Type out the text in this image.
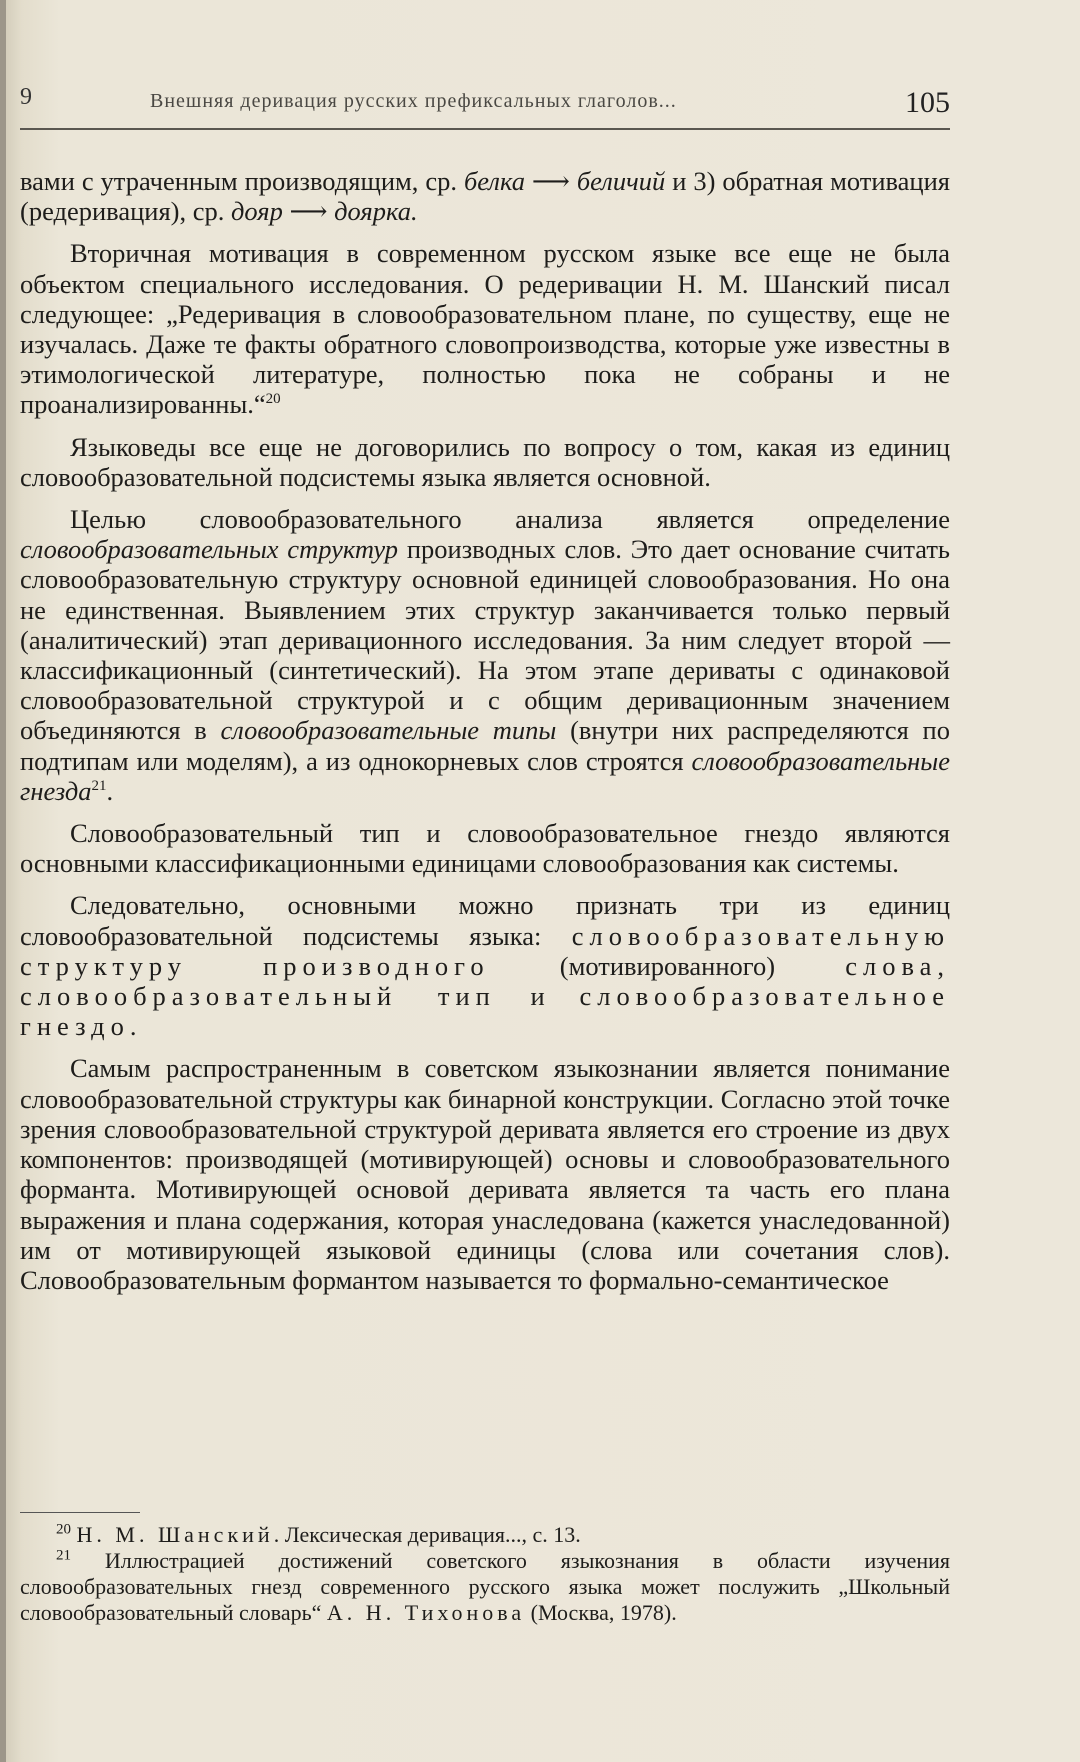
9	Внешняя деривация русских префиксальных глаголов...	105

вами с утраченным производящим, ср. белка ⟶ беличий и 3) обратная мотивация (редеривация), ср. дояр ⟶ доярка.

Вторичная мотивация в современном русском языке все еще не была объектом специального исследования. О редеривации Н. М. Шанский писал следующее: „Редеривация в словообразовательном плане, по существу, еще не изучалась. Даже те факты обратного словопроизводства, которые уже известны в этимологической литературе, полностью пока не собраны и не проанализированны.“$^{20}$

Языковеды все еще не договорились по вопросу о том, какая из единиц словообразовательной подсистемы языка является основной.

Целью словообразовательного анализа является определение словообразовательных структур производных слов. Это дает основание считать словообразовательную структуру основной единицей словообразования. Но она не единственная. Выявлением этих структур заканчивается только первый (аналитический) этап деривационного исследования. За ним следует второй — классификационный (синтетический). На этом этапе дериваты с одинаковой словообразовательной структурой и с общим деривационным значением объединяются в словообразовательные типы (внутри них распределяются по подтипам или моделям), а из однокорневых слов строятся словообразовательные гнезда$^{21}$.

Словообразовательный тип и словообразовательное гнездо являются основными классификационными единицами словообразования как системы.

Следовательно, основными можно признать три из единиц словообразовательной подсистемы языка: словообразовательную структуру производного (мотивированного) слова, словообразовательный тип и словообразовательное гнездо.

Самым распространенным в советском языкознании является понимание словообразовательной структуры как бинарной конструкции. Согласно этой точке зрения словообразовательной структурой деривата является его строение из двух компонентов: производящей (мотивирующей) основы и словообразовательного форманта. Мотивирующей основой деривата является та часть его плана выражения и плана содержания, которая унаследована (кажется унаследованной) им от мотивирующей языковой единицы (слова или сочетания слов). Словообразовательным формантом называется то формально-семантическое

$^{20}$ Н. М. Шанский. Лексическая деривация..., с. 13.

$^{21}$ Иллюстрацией достижений советского языкознания в области изучения словообразовательных гнезд современного русского языка может послужить „Школьный словообразовательный словарь“ А. Н. Тихонова (Москва, 1978).
